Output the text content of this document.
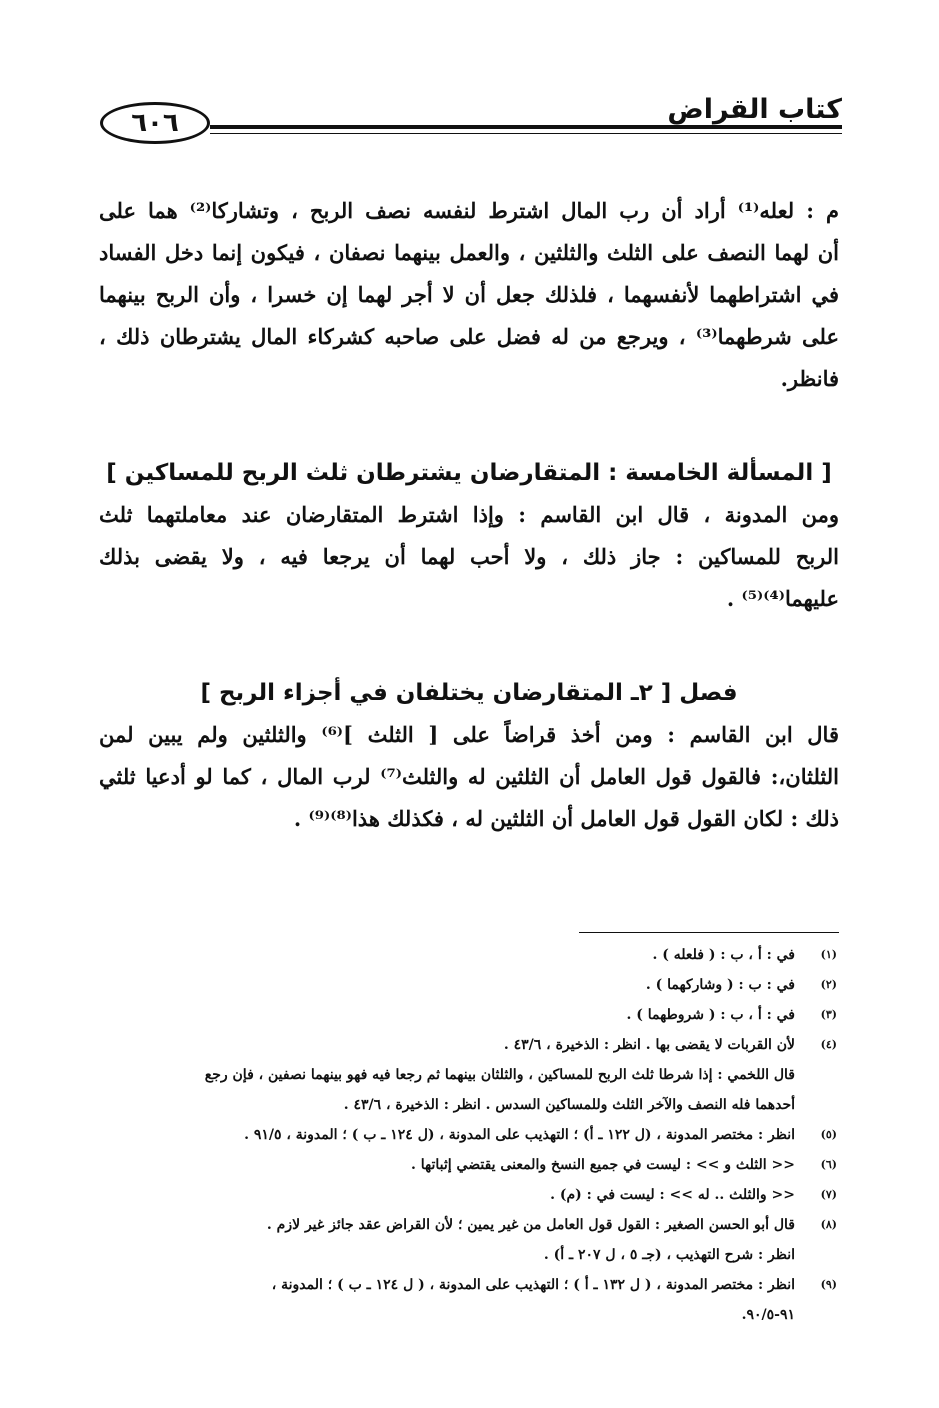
كتاب القراض
٦٠٦
م : لعله⁽¹⁾ أراد أن رب المال اشترط لنفسه نصف الربح ، وتشاركا⁽²⁾ هما على
أن لهما النصف على الثلث والثلثين ، والعمل بينهما نصفان ، فيكون إنما دخل الفساد
في اشتراطهما لأنفسهما ، فلذلك جعل أن لا أجر لهما إن خسرا ، وأن الربح بينهما
على شرطهما⁽³⁾ ، ويرجع من له فضل على صاحبه كشركاء المال يشترطان ذلك ،
فانظر.
[ المسألة الخامسة : المتقارضان يشترطان ثلث الربح للمساكين ]
ومن المدونة ، قال ابن القاسم : وإذا اشترط المتقارضان عند معاملتهما ثلث
الربح للمساكين : جاز ذلك ، ولا أحب لهما أن يرجعا فيه ، ولا يقضى بذلك
عليهما⁽⁴⁾⁽⁵⁾ .
فصل [ ٢ـ المتقارضان يختلفان في أجزاء الربح ]
قال ابن القاسم : ومن أخذ قراضاً على [ الثلث ]⁽⁶⁾ والثلثين ولم يبين لمن
الثلثان،: فالقول قول العامل أن الثلثين له والثلث⁽⁷⁾ لرب المال ، كما لو أدعيا ثلثي
ذلك : لكان القول قول العامل أن الثلثين له ، فكذلك هذا⁽⁸⁾⁽⁹⁾ .
(١)
في : أ ، ب : ( فلعله ) .
(٢)
في : ب : ( وشاركهما ) .
(٣)
في : أ ، ب : ( شروطهما ) .
(٤)
لأن القربات لا يقضى بها . انظر : الذخيرة ، ٤٣/٦ .
قال اللخمي : إذا شرطا ثلث الربح للمساكين ، والثلثان بينهما ثم رجعا فيه فهو بينهما نصفين ، فإن رجع
أحدهما فله النصف والآخر الثلث وللمساكين السدس . انظر : الذخيرة ، ٤٣/٦ .
(٥)
انظر : مختصر المدونة ، (ل ١٢٢ ـ أ) ؛ التهذيب على المدونة ، (ل ١٢٤ ـ ب ) ؛ المدونة ، ٩١/٥ .
(٦)
<< الثلث و >> : ليست في جميع النسخ والمعنى يقتضي إثباتها .
(٧)
<< والثلث .. له >> : ليست في : (م) .
(٨)
قال أبو الحسن الصغير : القول قول العامل من غير يمين ؛ لأن القراض عقد جائز غير لازم .
انظر : شرح التهذيب ، (جـ ٥ ، ل ٢٠٧ ـ أ) .
(٩)
انظر : مختصر المدونة ، ( ل ١٣٢ ـ أ ) ؛ التهذيب على المدونة ، ( ل ١٢٤ ـ ب ) ؛ المدونة ،
٩١-٩٠/٥.
